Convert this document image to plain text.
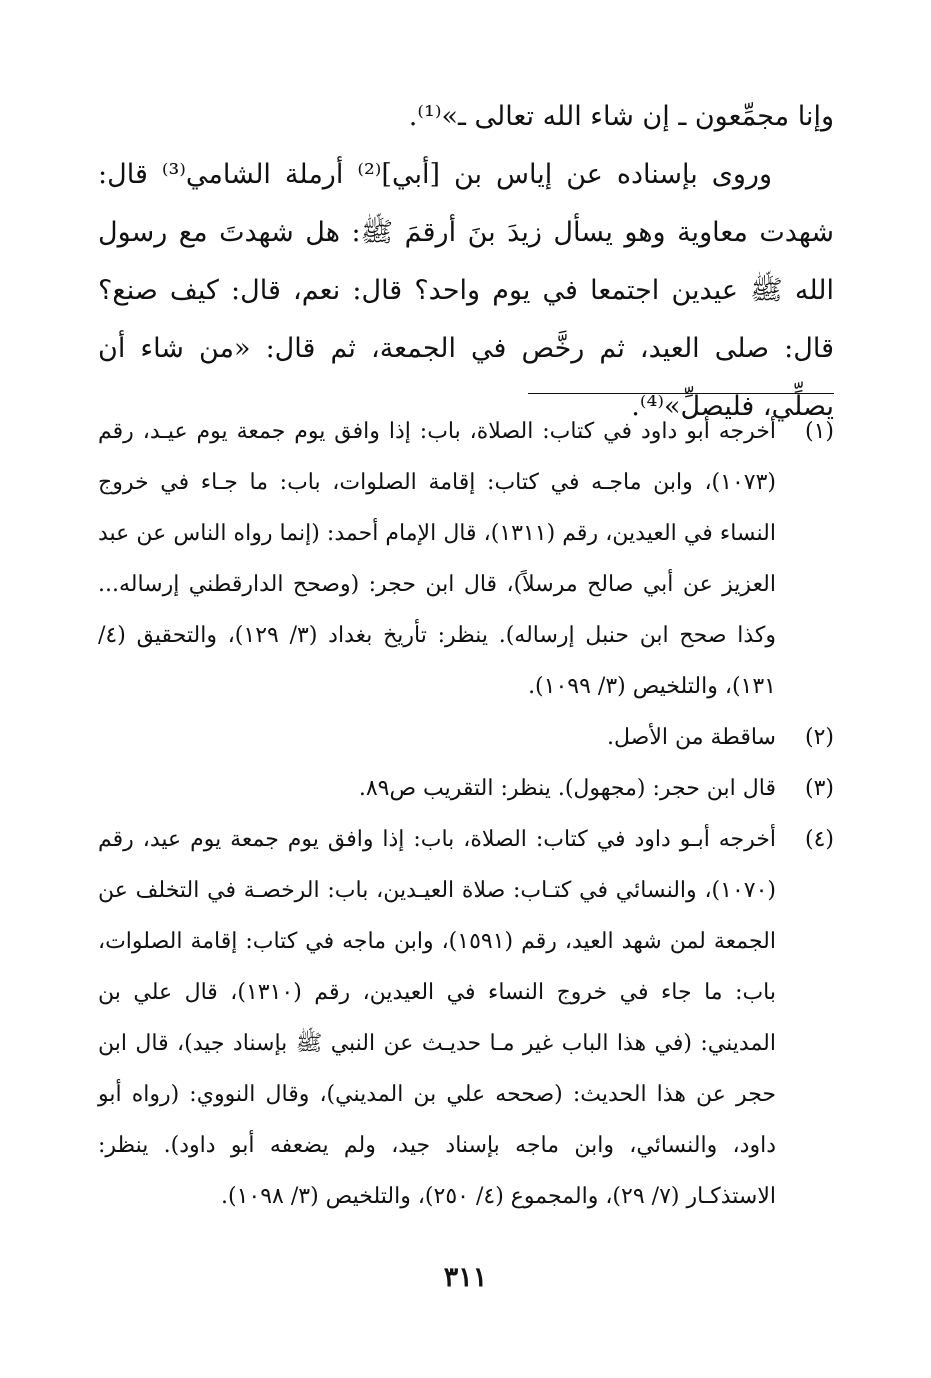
وإنا مجمِّعون ـ إن شاء الله تعالى ـ»⁽¹⁾.

وروى بإسناده عن إياس بن [أبي]⁽²⁾ أرملة الشامي⁽³⁾ قال: شهدت معاوية وهو يسأل زيدَ بنَ أرقمَ ﷺ: هل شهدتَ مع رسول الله ﷺ عيدين اجتمعا في يوم واحد؟ قال: نعم، قال: كيف صنع؟ قال: صلى العيد، ثم رخَّص في الجمعة، ثم قال: «من شاء أن يصلِّي، فليصلِّ»⁽⁴⁾.

(١)
أخرجه أبو داود في كتاب: الصلاة، باب: إذا وافق يوم جمعة يوم عيـد، رقم (١٠٧٣)، وابن ماجـه في كتاب: إقامة الصلوات، باب: ما جـاء في خروج النساء في العيدين، رقم (١٣١١)، قال الإمام أحمد: (إنما رواه الناس عن عبد العزيز عن أبي صالح مرسلاً)، قال ابن حجر: (وصحح الدارقطني إرساله... وكذا صحح ابن حنبل إرساله). ينظر: تأريخ بغداد (٣/ ١٢٩)، والتحقيق (٤/ ١٣١)، والتلخيص (٣/ ١٠٩٩).
(٢)
ساقطة من الأصل.
(٣)
قال ابن حجر: (مجهول). ينظر: التقريب ص٨٩.
(٤)
أخرجه أبـو داود في كتاب: الصلاة، باب: إذا وافق يوم جمعة يوم عيد، رقم (١٠٧٠)، والنسائي في كتـاب: صلاة العيـدين، باب: الرخصـة في التخلف عن الجمعة لمن شهد العيد، رقم (١٥٩١)، وابن ماجه في كتاب: إقامة الصلوات، باب: ما جاء في خروج النساء في العيدين، رقم (١٣١٠)، قال علي بن المديني: (في هذا الباب غير مـا حديـث عن النبي ﷺ بإسناد جيد)، قال ابن حجر عن هذا الحديث: (صححه علي بن المديني)، وقال النووي: (رواه أبو داود، والنسائي، وابن ماجه بإسناد جيد، ولم يضعفه أبو داود). ينظر: الاستذكـار (٧/ ٢٩)، والمجموع (٤/ ٢٥٠)، والتلخيص (٣/ ١٠٩٨).
٣١١
